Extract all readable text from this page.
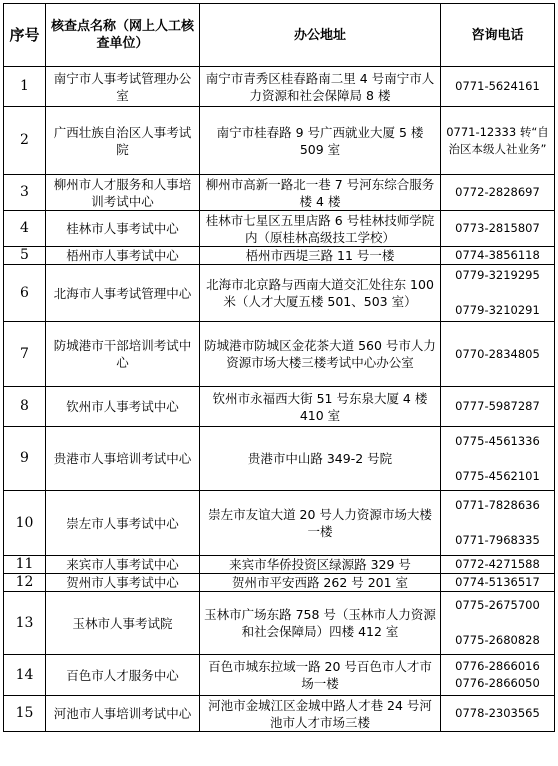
序号	核查点名称（网上人工核查单位）	办公地址	咨询电话
1	南宁市人事考试管理办公室	南宁市青秀区桂春路南二里 4 号南宁市人力资源和社会保障局 8 楼	0771-5624161

2	广西壮族自治区人事考试院	南宁市桂春路 9 号广西就业大厦 5 楼 509 室	0771-12333 转“自治区本级人社业务”

3	柳州市人才服务和人事培训考试中心	柳州市高新一路北一巷 7 号河东综合服务楼 4 楼	0772-2828697

4	桂林市人事考试中心	桂林市七星区五里店路 6 号桂林技师学院内（原桂林高级技工学校）	0773-2815807

5	梧州市人事考试中心	梧州市西堤三路 11 号一楼	0774-3856118

6	北海市人事考试管理中心	北海市北京路与西南大道交汇处往东 100 米（人才大厦五楼 501、503 室）	0779-3219295
0779-3210291

7	防城港市干部培训考试中心	防城港市防城区金花茶大道 560 号市人力资源市场大楼三楼考试中心办公室	0770-2834805

8	钦州市人事考试中心	钦州市永福西大街 51 号东泉大厦 4 楼 410 室	0777-5987287

9	贵港市人事培训考试中心	贵港市中山路 349-2 号院	0775-4561336
0775-4562101

10	崇左市人事考试中心	崇左市友谊大道 20 号人力资源市场大楼一楼	0771-7828636
0771-7968335

11	来宾市人事考试中心	来宾市华侨投资区绿源路 329 号	0772-4271588

12	贺州市人事考试中心	贺州市平安西路 262 号 201 室	0774-5136517

13	玉林市人事考试院	玉林市广场东路 758 号（玉林市人力资源和社会保障局）四楼 412 室	0775-2675700
0775-2680828

14	百色市人才服务中心	百色市城东拉域一路 20 号百色市人才市场一楼	0776-2866016
0776-2866050

15	河池市人事培训考试中心	河池市金城江区金城中路人才巷 24 号河池市人才市场三楼	0778-2303565
